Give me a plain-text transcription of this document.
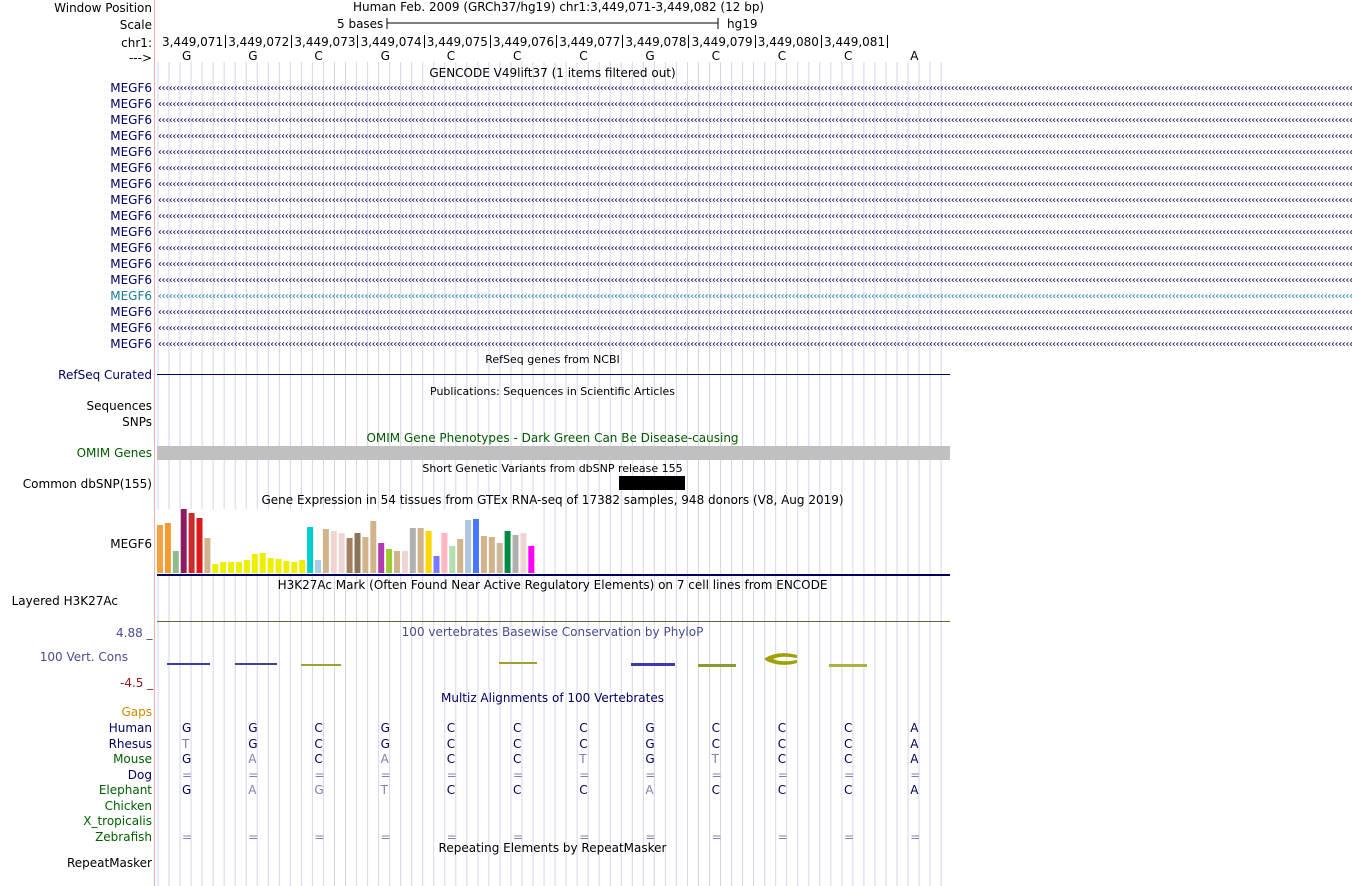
Window Position
Scale
chr1:
--->
Human Feb. 2009 (GRCh37/hg19) chr1:3,449,071-3,449,082 (12 bp)
5 bases	hg19
3,449,071 3,449,072 3,449,073 3,449,074 3,449,075 3,449,076 3,449,077 3,449,078 3,449,079 3,449,080 3,449,081
G	G	C	G	C	C	C	G	C	C	C	A
GENCODE V49lift37 (1 items filtered out)
MEGF6 ‹‹‹‹‹‹‹‹‹‹‹‹‹‹‹‹‹‹‹‹‹‹‹‹‹‹‹‹‹‹‹‹‹‹‹‹‹‹‹‹‹‹‹‹‹‹‹‹‹‹‹‹‹‹‹‹‹‹‹‹‹‹‹‹‹‹‹‹‹‹‹‹‹‹‹‹‹‹‹‹‹‹‹‹‹‹‹‹‹‹‹‹‹‹‹‹‹‹‹‹‹‹‹‹‹‹‹‹‹‹‹‹‹‹‹‹‹‹‹‹‹‹‹‹‹‹‹‹‹‹‹‹‹‹‹‹‹‹‹‹‹‹‹‹‹‹‹‹‹‹‹‹‹‹‹‹‹‹‹‹‹‹‹‹‹‹‹‹‹‹‹‹‹‹‹‹‹‹‹‹‹‹‹‹‹‹‹‹‹‹‹‹‹‹‹‹‹‹‹‹‹‹‹‹‹‹‹‹‹‹‹‹‹‹‹‹‹‹‹‹‹‹‹‹‹‹‹‹‹‹‹‹‹‹‹‹‹‹‹‹‹‹‹‹‹‹‹‹‹‹‹‹‹‹‹‹‹‹‹‹‹‹‹‹‹‹‹‹‹‹‹‹‹‹‹‹‹‹‹‹‹‹‹‹‹‹‹‹‹‹‹‹‹‹‹‹‹‹‹‹‹‹‹‹‹‹‹‹‹‹‹‹‹‹‹‹‹‹‹‹‹‹‹‹‹‹‹‹‹‹
MEGF6 ‹‹‹‹‹‹‹‹‹‹‹‹‹‹‹‹‹‹‹‹‹‹‹‹‹‹‹‹‹‹‹‹‹‹‹‹‹‹‹‹‹‹‹‹‹‹‹‹‹‹‹‹‹‹‹‹‹‹‹‹‹‹‹‹‹‹‹‹‹‹‹‹‹‹‹‹‹‹‹‹‹‹‹‹‹‹‹‹‹‹‹‹‹‹‹‹‹‹‹‹‹‹‹‹‹‹‹‹‹‹‹‹‹‹‹‹‹‹‹‹‹‹‹‹‹‹‹‹‹‹‹‹‹‹‹‹‹‹‹‹‹‹‹‹‹‹‹‹‹‹‹‹‹‹‹‹‹‹‹‹‹‹‹‹‹‹‹‹‹‹‹‹‹‹‹‹‹‹‹‹‹‹‹‹‹‹‹‹‹‹‹‹‹‹‹‹‹‹‹‹‹‹‹‹‹‹‹‹‹‹‹‹‹‹‹‹‹‹‹‹‹‹‹‹‹‹‹‹‹‹‹‹‹‹‹‹‹‹‹‹‹‹‹‹‹‹‹‹‹‹‹‹‹‹‹‹‹‹‹‹‹‹‹‹‹‹‹‹‹‹‹‹‹‹‹‹‹‹‹‹‹‹‹‹‹‹‹‹‹‹‹‹‹‹‹‹‹‹‹‹‹‹‹‹‹‹‹‹‹‹‹‹‹‹‹‹‹‹‹‹‹‹‹‹‹‹‹‹‹‹
MEGF6 ‹‹‹‹‹‹‹‹‹‹‹‹‹‹‹‹‹‹‹‹‹‹‹‹‹‹‹‹‹‹‹‹‹‹‹‹‹‹‹‹‹‹‹‹‹‹‹‹‹‹‹‹‹‹‹‹‹‹‹‹‹‹‹‹‹‹‹‹‹‹‹‹‹‹‹‹‹‹‹‹‹‹‹‹‹‹‹‹‹‹‹‹‹‹‹‹‹‹‹‹‹‹‹‹‹‹‹‹‹‹‹‹‹‹‹‹‹‹‹‹‹‹‹‹‹‹‹‹‹‹‹‹‹‹‹‹‹‹‹‹‹‹‹‹‹‹‹‹‹‹‹‹‹‹‹‹‹‹‹‹‹‹‹‹‹‹‹‹‹‹‹‹‹‹‹‹‹‹‹‹‹‹‹‹‹‹‹‹‹‹‹‹‹‹‹‹‹‹‹‹‹‹‹‹‹‹‹‹‹‹‹‹‹‹‹‹‹‹‹‹‹‹‹‹‹‹‹‹‹‹‹‹‹‹‹‹‹‹‹‹‹‹‹‹‹‹‹‹‹‹‹‹‹‹‹‹‹‹‹‹‹‹‹‹‹‹‹‹‹‹‹‹‹‹‹‹‹‹‹‹‹‹‹‹‹‹‹‹‹‹‹‹‹‹‹‹‹‹‹‹‹‹‹‹‹‹‹‹‹‹‹‹‹‹‹‹‹‹‹‹‹‹‹‹‹‹‹‹‹‹
MEGF6 ‹‹‹‹‹‹‹‹‹‹‹‹‹‹‹‹‹‹‹‹‹‹‹‹‹‹‹‹‹‹‹‹‹‹‹‹‹‹‹‹‹‹‹‹‹‹‹‹‹‹‹‹‹‹‹‹‹‹‹‹‹‹‹‹‹‹‹‹‹‹‹‹‹‹‹‹‹‹‹‹‹‹‹‹‹‹‹‹‹‹‹‹‹‹‹‹‹‹‹‹‹‹‹‹‹‹‹‹‹‹‹‹‹‹‹‹‹‹‹‹‹‹‹‹‹‹‹‹‹‹‹‹‹‹‹‹‹‹‹‹‹‹‹‹‹‹‹‹‹‹‹‹‹‹‹‹‹‹‹‹‹‹‹‹‹‹‹‹‹‹‹‹‹‹‹‹‹‹‹‹‹‹‹‹‹‹‹‹‹‹‹‹‹‹‹‹‹‹‹‹‹‹‹‹‹‹‹‹‹‹‹‹‹‹‹‹‹‹‹‹‹‹‹‹‹‹‹‹‹‹‹‹‹‹‹‹‹‹‹‹‹‹‹‹‹‹‹‹‹‹‹‹‹‹‹‹‹‹‹‹‹‹‹‹‹‹‹‹‹‹‹‹‹‹‹‹‹‹‹‹‹‹‹‹‹‹‹‹‹‹‹‹‹‹‹‹‹‹‹‹‹‹‹‹‹‹‹‹‹‹‹‹‹‹‹‹‹‹‹‹‹‹‹‹‹‹‹‹‹‹
MEGF6 ‹‹‹‹‹‹‹‹‹‹‹‹‹‹‹‹‹‹‹‹‹‹‹‹‹‹‹‹‹‹‹‹‹‹‹‹‹‹‹‹‹‹‹‹‹‹‹‹‹‹‹‹‹‹‹‹‹‹‹‹‹‹‹‹‹‹‹‹‹‹‹‹‹‹‹‹‹‹‹‹‹‹‹‹‹‹‹‹‹‹‹‹‹‹‹‹‹‹‹‹‹‹‹‹‹‹‹‹‹‹‹‹‹‹‹‹‹‹‹‹‹‹‹‹‹‹‹‹‹‹‹‹‹‹‹‹‹‹‹‹‹‹‹‹‹‹‹‹‹‹‹‹‹‹‹‹‹‹‹‹‹‹‹‹‹‹‹‹‹‹‹‹‹‹‹‹‹‹‹‹‹‹‹‹‹‹‹‹‹‹‹‹‹‹‹‹‹‹‹‹‹‹‹‹‹‹‹‹‹‹‹‹‹‹‹‹‹‹‹‹‹‹‹‹‹‹‹‹‹‹‹‹‹‹‹‹‹‹‹‹‹‹‹‹‹‹‹‹‹‹‹‹‹‹‹‹‹‹‹‹‹‹‹‹‹‹‹‹‹‹‹‹‹‹‹‹‹‹‹‹‹‹‹‹‹‹‹‹‹‹‹‹‹‹‹‹‹‹‹‹‹‹‹‹‹‹‹‹‹‹‹‹‹‹‹‹‹‹‹‹‹‹‹‹‹‹‹‹‹‹
MEGF6 ‹‹‹‹‹‹‹‹‹‹‹‹‹‹‹‹‹‹‹‹‹‹‹‹‹‹‹‹‹‹‹‹‹‹‹‹‹‹‹‹‹‹‹‹‹‹‹‹‹‹‹‹‹‹‹‹‹‹‹‹‹‹‹‹‹‹‹‹‹‹‹‹‹‹‹‹‹‹‹‹‹‹‹‹‹‹‹‹‹‹‹‹‹‹‹‹‹‹‹‹‹‹‹‹‹‹‹‹‹‹‹‹‹‹‹‹‹‹‹‹‹‹‹‹‹‹‹‹‹‹‹‹‹‹‹‹‹‹‹‹‹‹‹‹‹‹‹‹‹‹‹‹‹‹‹‹‹‹‹‹‹‹‹‹‹‹‹‹‹‹‹‹‹‹‹‹‹‹‹‹‹‹‹‹‹‹‹‹‹‹‹‹‹‹‹‹‹‹‹‹‹‹‹‹‹‹‹‹‹‹‹‹‹‹‹‹‹‹‹‹‹‹‹‹‹‹‹‹‹‹‹‹‹‹‹‹‹‹‹‹‹‹‹‹‹‹‹‹‹‹‹‹‹‹‹‹‹‹‹‹‹‹‹‹‹‹‹‹‹‹‹‹‹‹‹‹‹‹‹‹‹‹‹‹‹‹‹‹‹‹‹‹‹‹‹‹‹‹‹‹‹‹‹‹‹‹‹‹‹‹‹‹‹‹‹‹‹‹‹‹‹‹‹‹‹‹‹‹‹‹
MEGF6 ‹‹‹‹‹‹‹‹‹‹‹‹‹‹‹‹‹‹‹‹‹‹‹‹‹‹‹‹‹‹‹‹‹‹‹‹‹‹‹‹‹‹‹‹‹‹‹‹‹‹‹‹‹‹‹‹‹‹‹‹‹‹‹‹‹‹‹‹‹‹‹‹‹‹‹‹‹‹‹‹‹‹‹‹‹‹‹‹‹‹‹‹‹‹‹‹‹‹‹‹‹‹‹‹‹‹‹‹‹‹‹‹‹‹‹‹‹‹‹‹‹‹‹‹‹‹‹‹‹‹‹‹‹‹‹‹‹‹‹‹‹‹‹‹‹‹‹‹‹‹‹‹‹‹‹‹‹‹‹‹‹‹‹‹‹‹‹‹‹‹‹‹‹‹‹‹‹‹‹‹‹‹‹‹‹‹‹‹‹‹‹‹‹‹‹‹‹‹‹‹‹‹‹‹‹‹‹‹‹‹‹‹‹‹‹‹‹‹‹‹‹‹‹‹‹‹‹‹‹‹‹‹‹‹‹‹‹‹‹‹‹‹‹‹‹‹‹‹‹‹‹‹‹‹‹‹‹‹‹‹‹‹‹‹‹‹‹‹‹‹‹‹‹‹‹‹‹‹‹‹‹‹‹‹‹‹‹‹‹‹‹‹‹‹‹‹‹‹‹‹‹‹‹‹‹‹‹‹‹‹‹‹‹‹‹‹‹‹‹‹‹‹‹‹‹‹‹‹‹‹
MEGF6 ‹‹‹‹‹‹‹‹‹‹‹‹‹‹‹‹‹‹‹‹‹‹‹‹‹‹‹‹‹‹‹‹‹‹‹‹‹‹‹‹‹‹‹‹‹‹‹‹‹‹‹‹‹‹‹‹‹‹‹‹‹‹‹‹‹‹‹‹‹‹‹‹‹‹‹‹‹‹‹‹‹‹‹‹‹‹‹‹‹‹‹‹‹‹‹‹‹‹‹‹‹‹‹‹‹‹‹‹‹‹‹‹‹‹‹‹‹‹‹‹‹‹‹‹‹‹‹‹‹‹‹‹‹‹‹‹‹‹‹‹‹‹‹‹‹‹‹‹‹‹‹‹‹‹‹‹‹‹‹‹‹‹‹‹‹‹‹‹‹‹‹‹‹‹‹‹‹‹‹‹‹‹‹‹‹‹‹‹‹‹‹‹‹‹‹‹‹‹‹‹‹‹‹‹‹‹‹‹‹‹‹‹‹‹‹‹‹‹‹‹‹‹‹‹‹‹‹‹‹‹‹‹‹‹‹‹‹‹‹‹‹‹‹‹‹‹‹‹‹‹‹‹‹‹‹‹‹‹‹‹‹‹‹‹‹‹‹‹‹‹‹‹‹‹‹‹‹‹‹‹‹‹‹‹‹‹‹‹‹‹‹‹‹‹‹‹‹‹‹‹‹‹‹‹‹‹‹‹‹‹‹‹‹‹‹‹‹‹‹‹‹‹‹‹‹‹‹‹‹‹
MEGF6 ‹‹‹‹‹‹‹‹‹‹‹‹‹‹‹‹‹‹‹‹‹‹‹‹‹‹‹‹‹‹‹‹‹‹‹‹‹‹‹‹‹‹‹‹‹‹‹‹‹‹‹‹‹‹‹‹‹‹‹‹‹‹‹‹‹‹‹‹‹‹‹‹‹‹‹‹‹‹‹‹‹‹‹‹‹‹‹‹‹‹‹‹‹‹‹‹‹‹‹‹‹‹‹‹‹‹‹‹‹‹‹‹‹‹‹‹‹‹‹‹‹‹‹‹‹‹‹‹‹‹‹‹‹‹‹‹‹‹‹‹‹‹‹‹‹‹‹‹‹‹‹‹‹‹‹‹‹‹‹‹‹‹‹‹‹‹‹‹‹‹‹‹‹‹‹‹‹‹‹‹‹‹‹‹‹‹‹‹‹‹‹‹‹‹‹‹‹‹‹‹‹‹‹‹‹‹‹‹‹‹‹‹‹‹‹‹‹‹‹‹‹‹‹‹‹‹‹‹‹‹‹‹‹‹‹‹‹‹‹‹‹‹‹‹‹‹‹‹‹‹‹‹‹‹‹‹‹‹‹‹‹‹‹‹‹‹‹‹‹‹‹‹‹‹‹‹‹‹‹‹‹‹‹‹‹‹‹‹‹‹‹‹‹‹‹‹‹‹‹‹‹‹‹‹‹‹‹‹‹‹‹‹‹‹‹‹‹‹‹‹‹‹‹‹‹‹‹‹‹‹
MEGF6 ‹‹‹‹‹‹‹‹‹‹‹‹‹‹‹‹‹‹‹‹‹‹‹‹‹‹‹‹‹‹‹‹‹‹‹‹‹‹‹‹‹‹‹‹‹‹‹‹‹‹‹‹‹‹‹‹‹‹‹‹‹‹‹‹‹‹‹‹‹‹‹‹‹‹‹‹‹‹‹‹‹‹‹‹‹‹‹‹‹‹‹‹‹‹‹‹‹‹‹‹‹‹‹‹‹‹‹‹‹‹‹‹‹‹‹‹‹‹‹‹‹‹‹‹‹‹‹‹‹‹‹‹‹‹‹‹‹‹‹‹‹‹‹‹‹‹‹‹‹‹‹‹‹‹‹‹‹‹‹‹‹‹‹‹‹‹‹‹‹‹‹‹‹‹‹‹‹‹‹‹‹‹‹‹‹‹‹‹‹‹‹‹‹‹‹‹‹‹‹‹‹‹‹‹‹‹‹‹‹‹‹‹‹‹‹‹‹‹‹‹‹‹‹‹‹‹‹‹‹‹‹‹‹‹‹‹‹‹‹‹‹‹‹‹‹‹‹‹‹‹‹‹‹‹‹‹‹‹‹‹‹‹‹‹‹‹‹‹‹‹‹‹‹‹‹‹‹‹‹‹‹‹‹‹‹‹‹‹‹‹‹‹‹‹‹‹‹‹‹‹‹‹‹‹‹‹‹‹‹‹‹‹‹‹‹‹‹‹‹‹‹‹‹‹‹‹‹‹‹‹
MEGF6 ‹‹‹‹‹‹‹‹‹‹‹‹‹‹‹‹‹‹‹‹‹‹‹‹‹‹‹‹‹‹‹‹‹‹‹‹‹‹‹‹‹‹‹‹‹‹‹‹‹‹‹‹‹‹‹‹‹‹‹‹‹‹‹‹‹‹‹‹‹‹‹‹‹‹‹‹‹‹‹‹‹‹‹‹‹‹‹‹‹‹‹‹‹‹‹‹‹‹‹‹‹‹‹‹‹‹‹‹‹‹‹‹‹‹‹‹‹‹‹‹‹‹‹‹‹‹‹‹‹‹‹‹‹‹‹‹‹‹‹‹‹‹‹‹‹‹‹‹‹‹‹‹‹‹‹‹‹‹‹‹‹‹‹‹‹‹‹‹‹‹‹‹‹‹‹‹‹‹‹‹‹‹‹‹‹‹‹‹‹‹‹‹‹‹‹‹‹‹‹‹‹‹‹‹‹‹‹‹‹‹‹‹‹‹‹‹‹‹‹‹‹‹‹‹‹‹‹‹‹‹‹‹‹‹‹‹‹‹‹‹‹‹‹‹‹‹‹‹‹‹‹‹‹‹‹‹‹‹‹‹‹‹‹‹‹‹‹‹‹‹‹‹‹‹‹‹‹‹‹‹‹‹‹‹‹‹‹‹‹‹‹‹‹‹‹‹‹‹‹‹‹‹‹‹‹‹‹‹‹‹‹‹‹‹‹‹‹‹‹‹‹‹‹‹‹‹‹‹‹‹
MEGF6 ‹‹‹‹‹‹‹‹‹‹‹‹‹‹‹‹‹‹‹‹‹‹‹‹‹‹‹‹‹‹‹‹‹‹‹‹‹‹‹‹‹‹‹‹‹‹‹‹‹‹‹‹‹‹‹‹‹‹‹‹‹‹‹‹‹‹‹‹‹‹‹‹‹‹‹‹‹‹‹‹‹‹‹‹‹‹‹‹‹‹‹‹‹‹‹‹‹‹‹‹‹‹‹‹‹‹‹‹‹‹‹‹‹‹‹‹‹‹‹‹‹‹‹‹‹‹‹‹‹‹‹‹‹‹‹‹‹‹‹‹‹‹‹‹‹‹‹‹‹‹‹‹‹‹‹‹‹‹‹‹‹‹‹‹‹‹‹‹‹‹‹‹‹‹‹‹‹‹‹‹‹‹‹‹‹‹‹‹‹‹‹‹‹‹‹‹‹‹‹‹‹‹‹‹‹‹‹‹‹‹‹‹‹‹‹‹‹‹‹‹‹‹‹‹‹‹‹‹‹‹‹‹‹‹‹‹‹‹‹‹‹‹‹‹‹‹‹‹‹‹‹‹‹‹‹‹‹‹‹‹‹‹‹‹‹‹‹‹‹‹‹‹‹‹‹‹‹‹‹‹‹‹‹‹‹‹‹‹‹‹‹‹‹‹‹‹‹‹‹‹‹‹‹‹‹‹‹‹‹‹‹‹‹‹‹‹‹‹‹‹‹‹‹‹‹‹‹‹‹‹
MEGF6 ‹‹‹‹‹‹‹‹‹‹‹‹‹‹‹‹‹‹‹‹‹‹‹‹‹‹‹‹‹‹‹‹‹‹‹‹‹‹‹‹‹‹‹‹‹‹‹‹‹‹‹‹‹‹‹‹‹‹‹‹‹‹‹‹‹‹‹‹‹‹‹‹‹‹‹‹‹‹‹‹‹‹‹‹‹‹‹‹‹‹‹‹‹‹‹‹‹‹‹‹‹‹‹‹‹‹‹‹‹‹‹‹‹‹‹‹‹‹‹‹‹‹‹‹‹‹‹‹‹‹‹‹‹‹‹‹‹‹‹‹‹‹‹‹‹‹‹‹‹‹‹‹‹‹‹‹‹‹‹‹‹‹‹‹‹‹‹‹‹‹‹‹‹‹‹‹‹‹‹‹‹‹‹‹‹‹‹‹‹‹‹‹‹‹‹‹‹‹‹‹‹‹‹‹‹‹‹‹‹‹‹‹‹‹‹‹‹‹‹‹‹‹‹‹‹‹‹‹‹‹‹‹‹‹‹‹‹‹‹‹‹‹‹‹‹‹‹‹‹‹‹‹‹‹‹‹‹‹‹‹‹‹‹‹‹‹‹‹‹‹‹‹‹‹‹‹‹‹‹‹‹‹‹‹‹‹‹‹‹‹‹‹‹‹‹‹‹‹‹‹‹‹‹‹‹‹‹‹‹‹‹‹‹‹‹‹‹‹‹‹‹‹‹‹‹‹‹‹‹‹
MEGF6 ‹‹‹‹‹‹‹‹‹‹‹‹‹‹‹‹‹‹‹‹‹‹‹‹‹‹‹‹‹‹‹‹‹‹‹‹‹‹‹‹‹‹‹‹‹‹‹‹‹‹‹‹‹‹‹‹‹‹‹‹‹‹‹‹‹‹‹‹‹‹‹‹‹‹‹‹‹‹‹‹‹‹‹‹‹‹‹‹‹‹‹‹‹‹‹‹‹‹‹‹‹‹‹‹‹‹‹‹‹‹‹‹‹‹‹‹‹‹‹‹‹‹‹‹‹‹‹‹‹‹‹‹‹‹‹‹‹‹‹‹‹‹‹‹‹‹‹‹‹‹‹‹‹‹‹‹‹‹‹‹‹‹‹‹‹‹‹‹‹‹‹‹‹‹‹‹‹‹‹‹‹‹‹‹‹‹‹‹‹‹‹‹‹‹‹‹‹‹‹‹‹‹‹‹‹‹‹‹‹‹‹‹‹‹‹‹‹‹‹‹‹‹‹‹‹‹‹‹‹‹‹‹‹‹‹‹‹‹‹‹‹‹‹‹‹‹‹‹‹‹‹‹‹‹‹‹‹‹‹‹‹‹‹‹‹‹‹‹‹‹‹‹‹‹‹‹‹‹‹‹‹‹‹‹‹‹‹‹‹‹‹‹‹‹‹‹‹‹‹‹‹‹‹‹‹‹‹‹‹‹‹‹‹‹‹‹‹‹‹‹‹‹‹‹‹‹‹‹‹‹
MEGF6 ‹‹‹‹‹‹‹‹‹‹‹‹‹‹‹‹‹‹‹‹‹‹‹‹‹‹‹‹‹‹‹‹‹‹‹‹‹‹‹‹‹‹‹‹‹‹‹‹‹‹‹‹‹‹‹‹‹‹‹‹‹‹‹‹‹‹‹‹‹‹‹‹‹‹‹‹‹‹‹‹‹‹‹‹‹‹‹‹‹‹‹‹‹‹‹‹‹‹‹‹‹‹‹‹‹‹‹‹‹‹‹‹‹‹‹‹‹‹‹‹‹‹‹‹‹‹‹‹‹‹‹‹‹‹‹‹‹‹‹‹‹‹‹‹‹‹‹‹‹‹‹‹‹‹‹‹‹‹‹‹‹‹‹‹‹‹‹‹‹‹‹‹‹‹‹‹‹‹‹‹‹‹‹‹‹‹‹‹‹‹‹‹‹‹‹‹‹‹‹‹‹‹‹‹‹‹‹‹‹‹‹‹‹‹‹‹‹‹‹‹‹‹‹‹‹‹‹‹‹‹‹‹‹‹‹‹‹‹‹‹‹‹‹‹‹‹‹‹‹‹‹‹‹‹‹‹‹‹‹‹‹‹‹‹‹‹‹‹‹‹‹‹‹‹‹‹‹‹‹‹‹‹‹‹‹‹‹‹‹‹‹‹‹‹‹‹‹‹‹‹‹‹‹‹‹‹‹‹‹‹‹‹‹‹‹‹‹‹‹‹‹‹‹‹‹‹‹‹‹‹
MEGF6 ‹‹‹‹‹‹‹‹‹‹‹‹‹‹‹‹‹‹‹‹‹‹‹‹‹‹‹‹‹‹‹‹‹‹‹‹‹‹‹‹‹‹‹‹‹‹‹‹‹‹‹‹‹‹‹‹‹‹‹‹‹‹‹‹‹‹‹‹‹‹‹‹‹‹‹‹‹‹‹‹‹‹‹‹‹‹‹‹‹‹‹‹‹‹‹‹‹‹‹‹‹‹‹‹‹‹‹‹‹‹‹‹‹‹‹‹‹‹‹‹‹‹‹‹‹‹‹‹‹‹‹‹‹‹‹‹‹‹‹‹‹‹‹‹‹‹‹‹‹‹‹‹‹‹‹‹‹‹‹‹‹‹‹‹‹‹‹‹‹‹‹‹‹‹‹‹‹‹‹‹‹‹‹‹‹‹‹‹‹‹‹‹‹‹‹‹‹‹‹‹‹‹‹‹‹‹‹‹‹‹‹‹‹‹‹‹‹‹‹‹‹‹‹‹‹‹‹‹‹‹‹‹‹‹‹‹‹‹‹‹‹‹‹‹‹‹‹‹‹‹‹‹‹‹‹‹‹‹‹‹‹‹‹‹‹‹‹‹‹‹‹‹‹‹‹‹‹‹‹‹‹‹‹‹‹‹‹‹‹‹‹‹‹‹‹‹‹‹‹‹‹‹‹‹‹‹‹‹‹‹‹‹‹‹‹‹‹‹‹‹‹‹‹‹‹‹‹‹‹‹
MEGF6 ‹‹‹‹‹‹‹‹‹‹‹‹‹‹‹‹‹‹‹‹‹‹‹‹‹‹‹‹‹‹‹‹‹‹‹‹‹‹‹‹‹‹‹‹‹‹‹‹‹‹‹‹‹‹‹‹‹‹‹‹‹‹‹‹‹‹‹‹‹‹‹‹‹‹‹‹‹‹‹‹‹‹‹‹‹‹‹‹‹‹‹‹‹‹‹‹‹‹‹‹‹‹‹‹‹‹‹‹‹‹‹‹‹‹‹‹‹‹‹‹‹‹‹‹‹‹‹‹‹‹‹‹‹‹‹‹‹‹‹‹‹‹‹‹‹‹‹‹‹‹‹‹‹‹‹‹‹‹‹‹‹‹‹‹‹‹‹‹‹‹‹‹‹‹‹‹‹‹‹‹‹‹‹‹‹‹‹‹‹‹‹‹‹‹‹‹‹‹‹‹‹‹‹‹‹‹‹‹‹‹‹‹‹‹‹‹‹‹‹‹‹‹‹‹‹‹‹‹‹‹‹‹‹‹‹‹‹‹‹‹‹‹‹‹‹‹‹‹‹‹‹‹‹‹‹‹‹‹‹‹‹‹‹‹‹‹‹‹‹‹‹‹‹‹‹‹‹‹‹‹‹‹‹‹‹‹‹‹‹‹‹‹‹‹‹‹‹‹‹‹‹‹‹‹‹‹‹‹‹‹‹‹‹‹‹‹‹‹‹‹‹‹‹‹‹‹‹‹‹‹
RefSeq genes from NCBI
RefSeq Curated
Publications: Sequences in Scientific Articles
Sequences
SNPs
OMIM Gene Phenotypes - Dark Green Can Be Disease-causing
OMIM Genes
Short Genetic Variants from dbSNP release 155
Common dbSNP(155)
Gene Expression in 54 tissues from GTEx RNA-seq of 17382 samples, 948 donors (V8, Aug 2019)
MEGF6
H3K27Ac Mark (Often Found Near Active Regulatory Elements) on 7 cell lines from ENCODE
Layered H3K27Ac
100 vertebrates Basewise Conservation by PhyloP
4.88 _
100 Vert. Cons
-4.5 _
Multiz Alignments of 100 Vertebrates
Gaps
Human	G	G	C	G	C	C	C	G	C	C	C	A
Rhesus	T	G	C	G	C	C	C	G	C	C	C	A
Mouse	G	A	C	A	C	C	T	G	T	C	C	A
Dog	=	=	=	=	=	=	=	=	=	=	=	=
Elephant	G	A	G	T	C	C	C	A	C	C	C	A
Chicken
X_tropicalis
Zebrafish	=	=	=	=	=	=	=	=	=	=	=	=
Repeating Elements by RepeatMasker
RepeatMasker
